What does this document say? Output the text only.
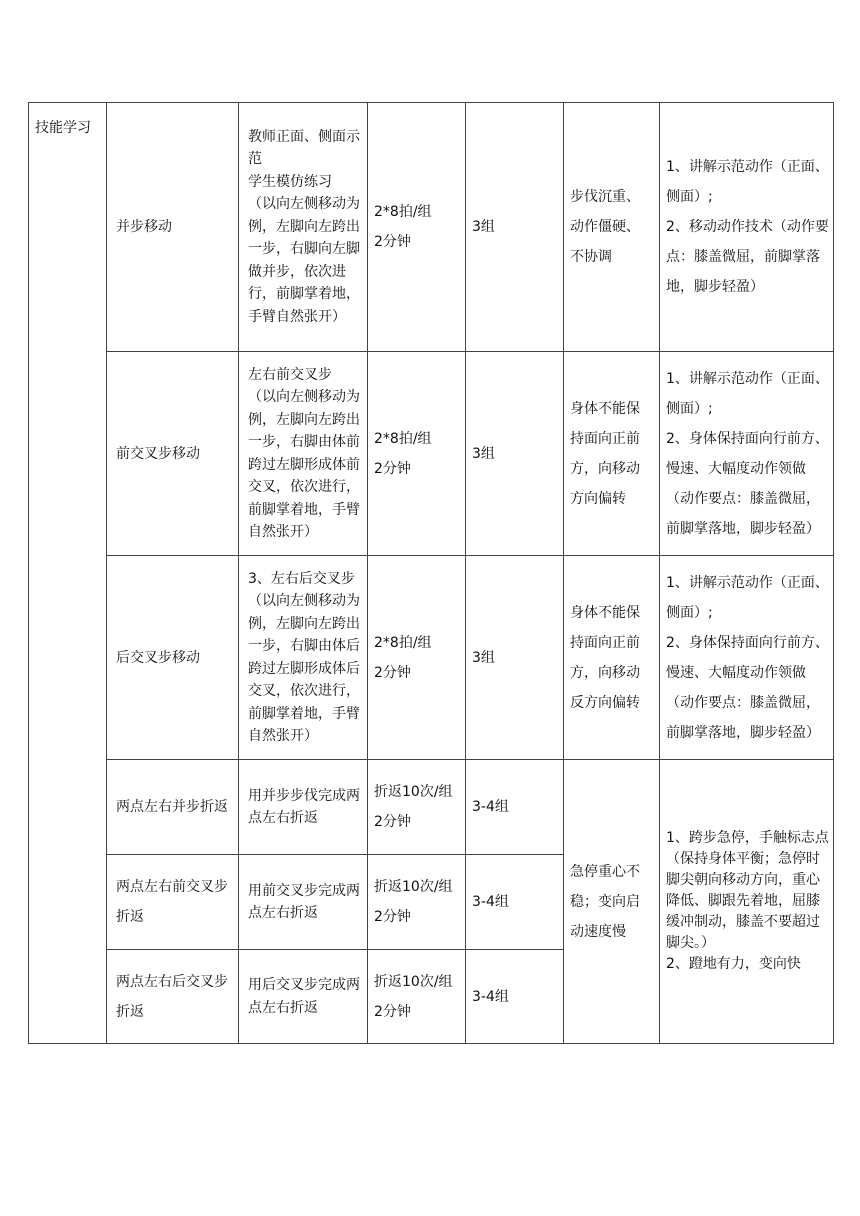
技能学习	并步移动	教师正面、侧面示范
学生模仿练习
（以向左侧移动为例，左脚向左跨出一步，右脚向左脚做并步，依次进行，前脚掌着地，手臂自然张开）	2*8拍/组
2分钟	3组	步伐沉重、动作僵硬、不协调	1、讲解示范动作（正面、侧面）;
2、移动动作技术（动作要点：膝盖微屈，前脚掌落地，脚步轻盈）

	前交叉步移动	左右前交叉步
（以向左侧移动为例，左脚向左跨出一步，右脚由体前跨过左脚形成体前交叉，依次进行，前脚掌着地，手臂自然张开）	2*8拍/组
2分钟	3组	身体不能保持面向正前方，向移动方向偏转	1、讲解示范动作（正面、侧面）;
2、身体保持面向行前方、慢速、大幅度动作领做（动作要点：膝盖微屈，前脚掌落地，脚步轻盈）

	后交叉步移动	3、左右后交叉步
（以向左侧移动为例，左脚向左跨出一步，右脚由体后跨过左脚形成体后交叉，依次进行，前脚掌着地，手臂自然张开）	2*8拍/组
2分钟	3组	身体不能保持面向正前方，向移动反方向偏转	1、讲解示范动作（正面、侧面）;
2、身体保持面向行前方、慢速、大幅度动作领做（动作要点：膝盖微屈，前脚掌落地，脚步轻盈）

	两点左右并步折返	用并步步伐完成两点左右折返	折返10次/组
2分钟	3-4组	急停重心不稳；变向启动速度慢	1、跨步急停，手触标志点（保持身体平衡；急停时脚尖朝向移动方向，重心降低、脚跟先着地，屈膝缓冲制动，膝盖不要超过脚尖。）
2、蹬地有力，变向快

	两点左右前交叉步折返	用前交叉步完成两点左右折返	折返10次/组
2分钟	3-4组		
	两点左右后交叉步折返	用后交叉步完成两点左右折返	折返10次/组
2分钟	3-4组		
